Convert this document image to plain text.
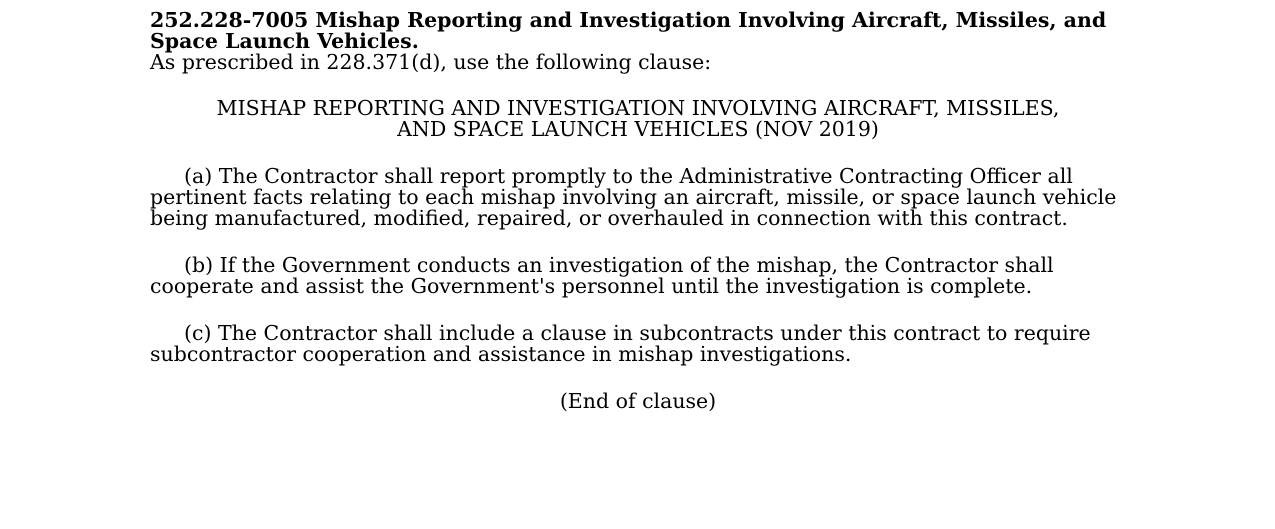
252.228-7005 Mishap Reporting and Investigation Involving Aircraft, Missiles, and Space Launch Vehicles.

As prescribed in 228.371(d), use the following clause:

MISHAP REPORTING AND INVESTIGATION INVOLVING AIRCRAFT, MISSILES,
AND SPACE LAUNCH VEHICLES (NOV 2019)

(a) The Contractor shall report promptly to the Administrative Contracting Officer all pertinent facts relating to each mishap involving an aircraft, missile, or space launch vehicle being manufactured, modified, repaired, or overhauled in connection with this contract.

(b) If the Government conducts an investigation of the mishap, the Contractor shall cooperate and assist the Government's personnel until the investigation is complete.

(c) The Contractor shall include a clause in subcontracts under this contract to require subcontractor cooperation and assistance in mishap investigations.

(End of clause)
